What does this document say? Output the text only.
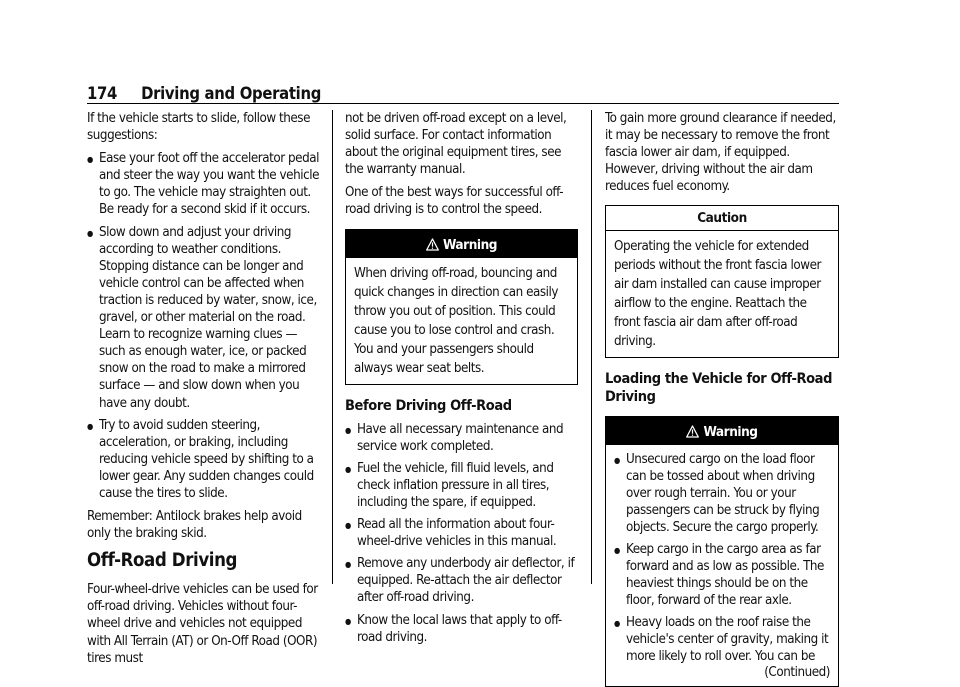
174 Driving and Operating

If the vehicle starts to slide, follow these suggestions:

● Ease your foot off the accelerator pedal and steer the way you want the vehicle to go. The vehicle may straighten out. Be ready for a second skid if it occurs.
● Slow down and adjust your driving according to weather conditions. Stopping distance can be longer and vehicle control can be affected when traction is reduced by water, snow, ice, gravel, or other material on the road. Learn to recognize warning clues — such as enough water, ice, or packed snow on the road to make a mirrored surface — and slow down when you have any doubt.
● Try to avoid sudden steering, acceleration, or braking, including reducing vehicle speed by shifting to a lower gear. Any sudden changes could cause the tires to slide.

Remember: Antilock brakes help avoid only the braking skid.

Off-Road Driving

Four-wheel-drive vehicles can be used for off-road driving. Vehicles without four-wheel drive and vehicles not equipped with All Terrain (AT) or On-Off Road (OOR) tires must

not be driven off-road except on a level, solid surface. For contact information about the original equipment tires, see the warranty manual.

One of the best ways for successful off-road driving is to control the speed.

Warning
When driving off-road, bouncing and quick changes in direction can easily throw you out of position. This could cause you to lose control and crash. You and your passengers should always wear seat belts.
Before Driving Off-Road
● Have all necessary maintenance and service work completed.
● Fuel the vehicle, fill fluid levels, and check inflation pressure in all tires, including the spare, if equipped.
● Read all the information about four-wheel-drive vehicles in this manual.
● Remove any underbody air deflector, if equipped. Re-attach the air deflector after off-road driving.
● Know the local laws that apply to off-road driving.

To gain more ground clearance if needed, it may be necessary to remove the front fascia lower air dam, if equipped. However, driving without the air dam reduces fuel economy.

Caution
Operating the vehicle for extended periods without the front fascia lower air dam installed can cause improper airflow to the engine. Reattach the front fascia air dam after off-road driving.
Loading the Vehicle for Off-Road Driving
Warning
● Unsecured cargo on the load floor can be tossed about when driving over rough terrain. You or your passengers can be struck by flying objects. Secure the cargo properly.
● Keep cargo in the cargo area as far forward and as low as possible. The heaviest things should be on the floor, forward of the rear axle.
● Heavy loads on the roof raise the vehicle's center of gravity, making it more likely to roll over. You can be
(Continued)
